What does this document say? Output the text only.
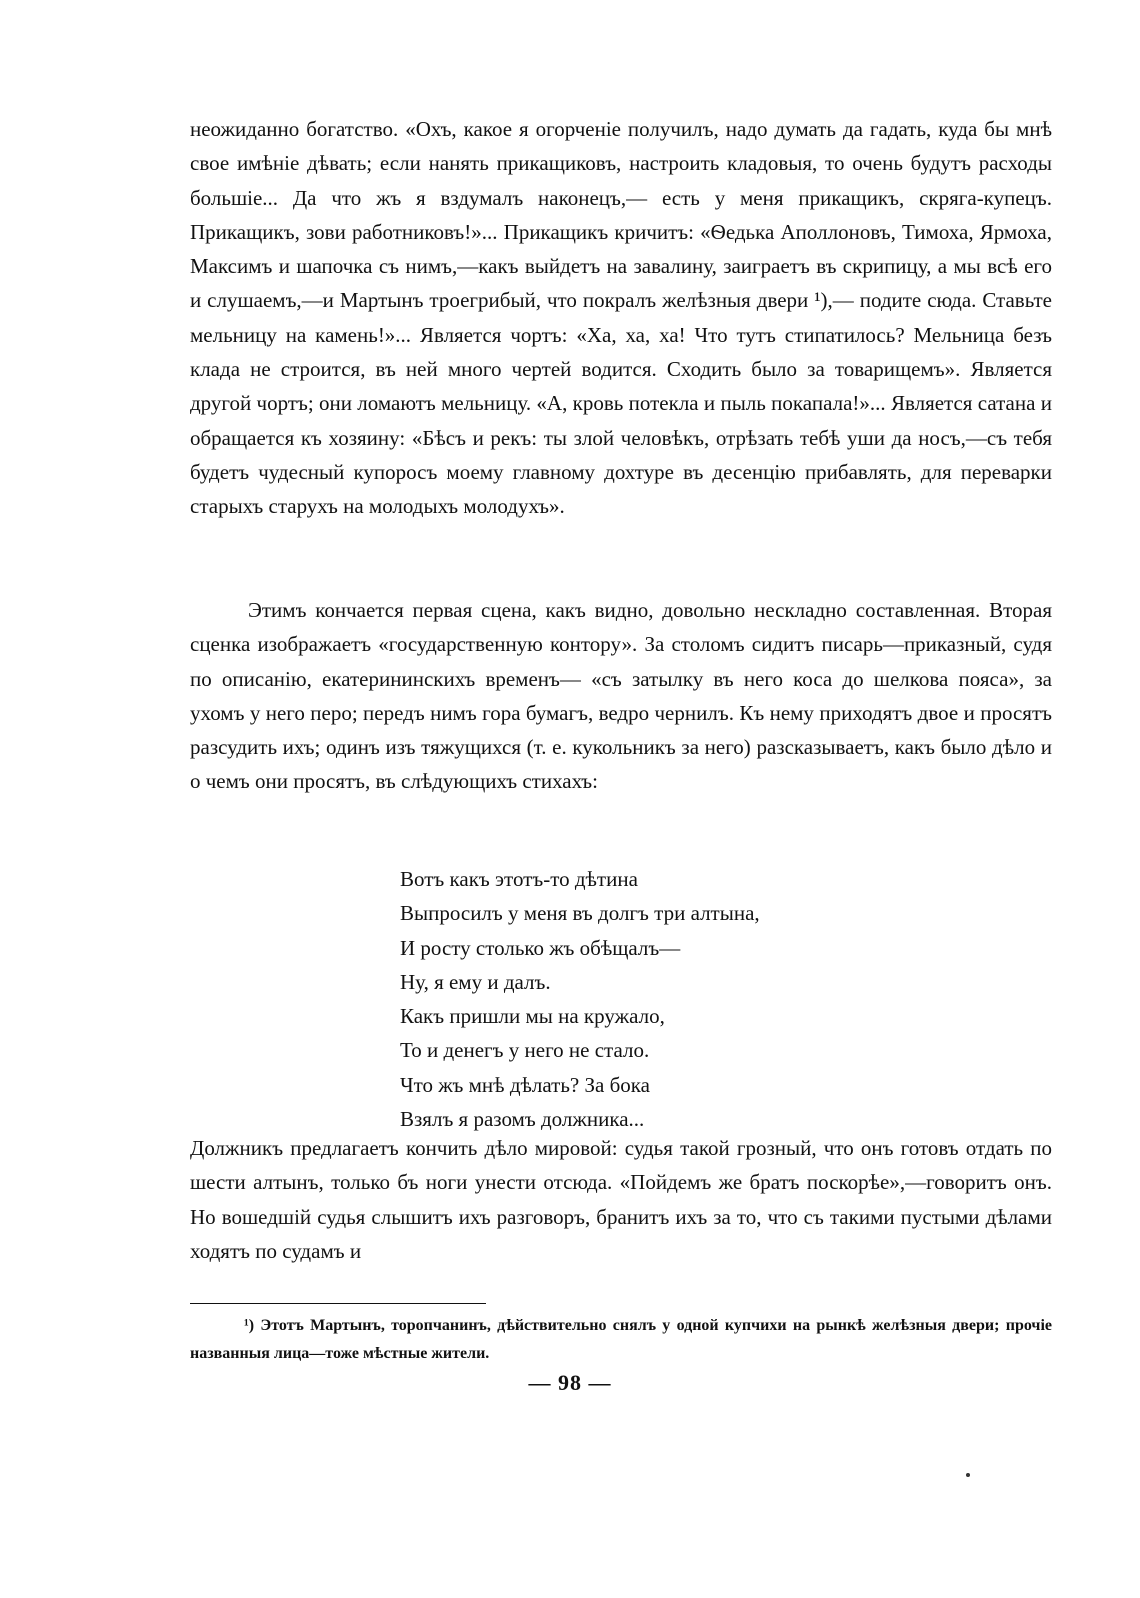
неожиданно богатство. «Охъ, какое я огорченіе получилъ, надо думать да гадать, куда бы мнѣ свое имѣніе дѣвать; если нанять прикащиковъ, настроить кладовыя, то очень будутъ расходы большіе... Да что жъ я вздумалъ наконецъ,— есть у меня прикащикъ, скряга-купецъ. Прикащикъ, зови работниковъ!»... Прикащикъ кричитъ: «Ѳедька Аполлоновъ, Тимоха, Ярмоха, Максимъ и шапочка съ нимъ,—какъ выйдетъ на завалину, заиграетъ въ скрипицу, а мы всѣ его и слушаемъ,—и Мартынъ троегрибый, что покралъ желѣзныя двери ¹),— подите сюда. Ставьте мельницу на камень!»... Является чортъ: «Ха, ха, ха! Что тутъ стипатилось? Мельница безъ клада не строится, въ ней много чертей водится. Сходить было за товарищемъ». Является другой чортъ; они ломаютъ мельницу. «А, кровь потекла и пыль покапала!»... Является сатана и обращается къ хозяину: «Бѣсъ и рекъ: ты злой человѣкъ, отрѣзать тебѣ уши да носъ,—съ тебя будетъ чудесный купоросъ моему главному дохтуре въ десенцію прибавлять, для переварки старыхъ старухъ на молодыхъ молодухъ».

Этимъ кончается первая сцена, какъ видно, довольно нескладно составленная. Вторая сценка изображаетъ «государственную контору». За столомъ сидитъ писарь—приказный, судя по описанію, екатерининскихъ временъ— «съ затылку въ него коса до шелкова пояса», за ухомъ у него перо; передъ нимъ гора бумагъ, ведро чернилъ. Къ нему приходятъ двое и просятъ разсудить ихъ; одинъ изъ тяжущихся (т. е. кукольникъ за него) разсказываетъ, какъ было дѣло и о чемъ они просятъ, въ слѣдующихъ стихахъ:

Вотъ какъ этотъ-то дѣтина
Выпросилъ у меня въ долгъ три алтына,
И росту столько жъ обѣщалъ—
Ну, я ему и далъ.
Какъ пришли мы на кружало,
То и денегъ у него не стало.
Что жъ мнѣ дѣлать? За бока
Взялъ я разомъ должника...

Должникъ предлагаетъ кончить дѣло мировой: судья такой грозный, что онъ готовъ отдать по шести алтынъ, только бъ ноги унести отсюда. «Пойдемъ же братъ поскорѣе»,—говоритъ онъ. Но вошедшій судья слышитъ ихъ разговоръ, бранитъ ихъ за то, что съ такими пустыми дѣлами ходятъ по судамъ и

¹) Этотъ Мартынъ, торопчанинъ, дѣйствительно снялъ у одной купчихи на рынкѣ желѣзныя двери; прочіе названныя лица—тоже мѣстные жители.

— 98 —
